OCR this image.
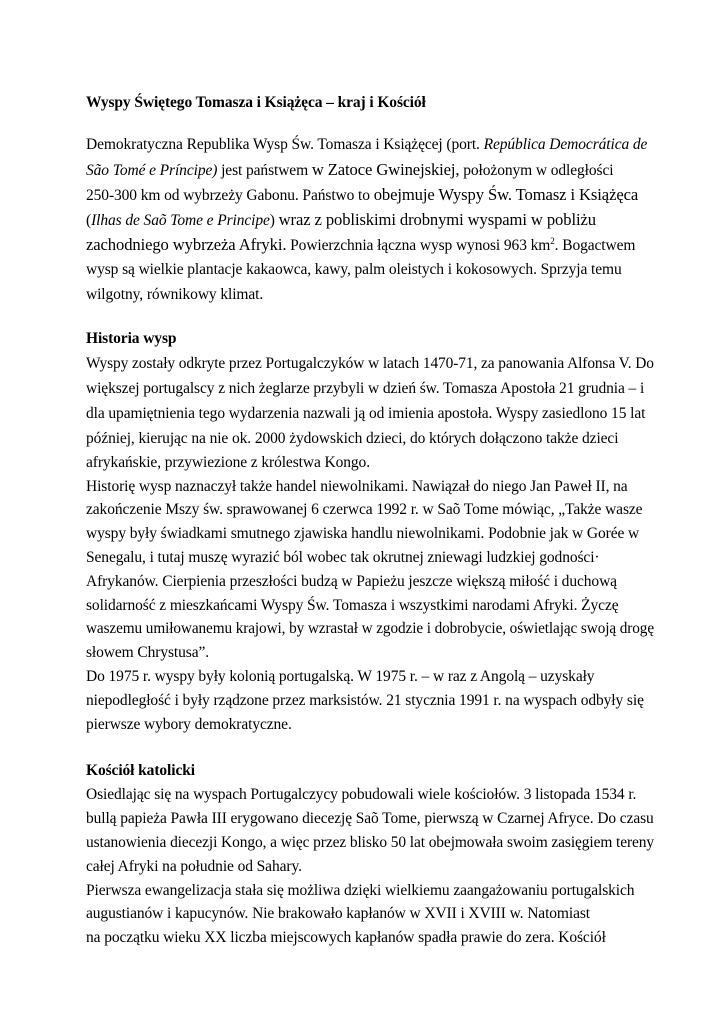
Wyspy Świętego Tomasza i Książęca – kraj i Kościół
Demokratyczna Republika Wysp Św. Tomasza i Książęcej (port. República Democrática de
São Tomé e Príncipe) jest państwem w Zatoce Gwinejskiej, położonym w odległości
250-300 km od wybrzeży Gabonu. Państwo to obejmuje Wyspy Św. Tomasz i Książęca
(Ilhas de Saõ Tome e Principe) wraz z pobliskimi drobnymi wyspami w pobliżu
zachodniego wybrzeża Afryki. Powierzchnia łączna wysp wynosi 963 $km^2$. Bogactwem
wysp są wielkie plantacje kakaowca, kawy, palm oleistych i kokosowych. Sprzyja temu
wilgotny, równikowy klimat.
Historia wysp
Wyspy zostały odkryte przez Portugalczyków w latach 1470-71, za panowania Alfonsa V. Do
większej portugalscy z nich żeglarze przybyli w dzień św. Tomasza Apostoła 21 grudnia – i
dla upamiętnienia tego wydarzenia nazwali ją od imienia apostoła. Wyspy zasiedlono 15 lat
później, kierując na nie ok. 2000 żydowskich dzieci, do których dołączono także dzieci
afrykańskie, przywiezione z królestwa Kongo.
Historię wysp naznaczył także handel niewolnikami. Nawiązał do niego Jan Paweł II, na
zakończenie Mszy św. sprawowanej 6 czerwca 1992 r. w Saõ Tome mówiąc, „Także wasze
wyspy były świadkami smutnego zjawiska handlu niewolnikami. Podobnie jak w Gorée w
Senegalu, i tutaj muszę wyrazić ból wobec tak okrutnej zniewagi ludzkiej godności·
Afrykanów. Cierpienia przeszłości budzą w Papieżu jeszcze większą miłość i duchową
solidarność z mieszkańcami Wyspy Św. Tomasza i wszystkimi narodami Afryki. Życzę
waszemu umiłowanemu krajowi, by wzrastał w zgodzie i dobrobycie, oświetlając swoją drogę
słowem Chrystusa”.
Do 1975 r. wyspy były kolonią portugalską. W 1975 r. – w raz z Angolą – uzyskały
niepodległość i były rządzone przez marksistów. 21 stycznia 1991 r. na wyspach odbyły się
pierwsze wybory demokratyczne.
Kościół katolicki
Osiedlając się na wyspach Portugalczycy pobudowali wiele kościołów. 3 listopada 1534 r.
bullą papieża Pawła III erygowano diecezję Saõ Tome, pierwszą w Czarnej Afryce. Do czasu
ustanowienia diecezji Kongo, a więc przez blisko 50 lat obejmowała swoim zasięgiem tereny
całej Afryki na południe od Sahary.
Pierwsza ewangelizacja stała się możliwa dzięki wielkiemu zaangażowaniu portugalskich
augustianów i kapucynów. Nie brakowało kapłanów w XVII i XVIII w. Natomiast
na początku wieku XX liczba miejscowych kapłanów spadła prawie do zera. Kościół
